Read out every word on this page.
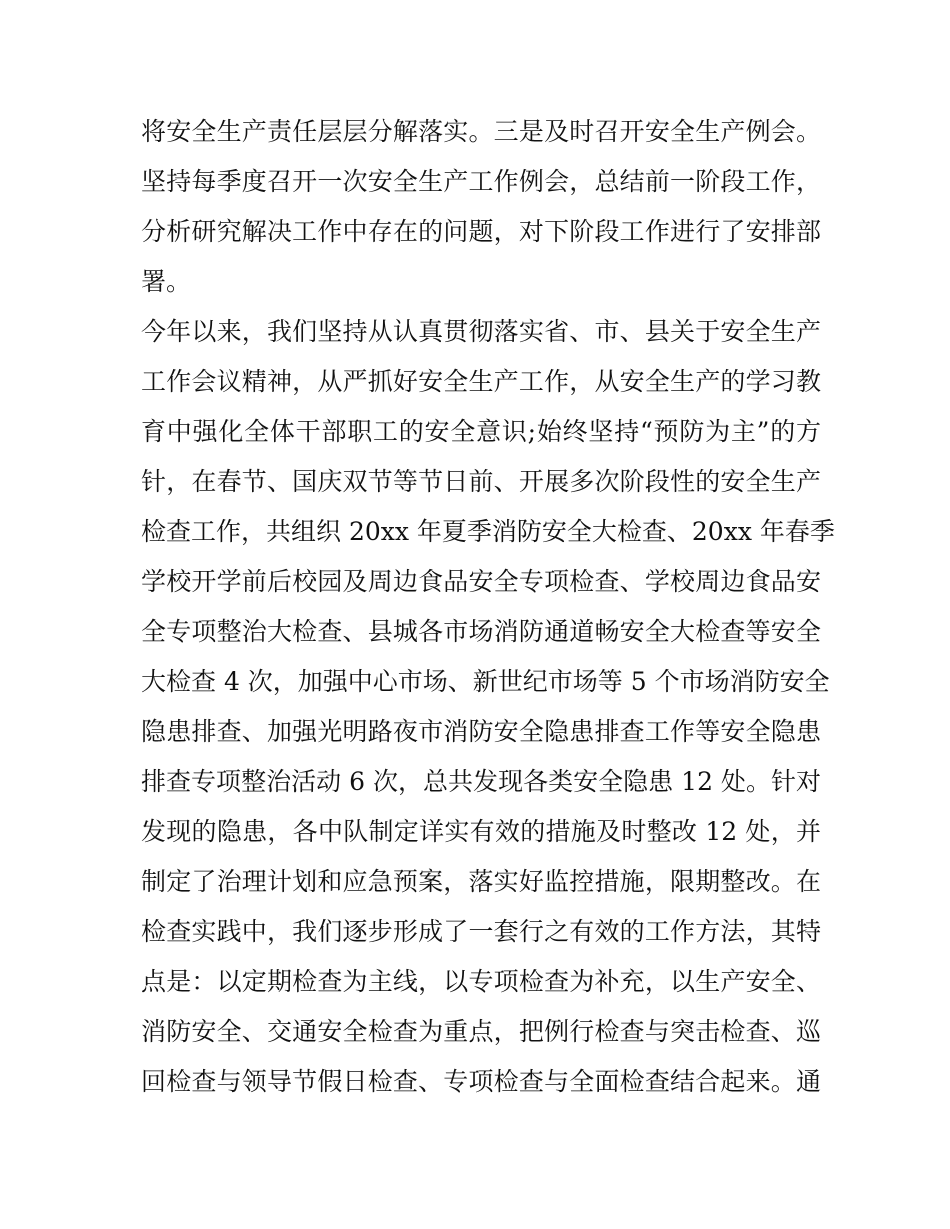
将安全生产责任层层分解落实。三是及时召开安全生产例会。
坚持每季度召开一次安全生产工作例会，总结前一阶段工作，
分析研究解决工作中存在的问题，对下阶段工作进行了安排部
署。
今年以来，我们坚持从认真贯彻落实省、市、县关于安全生产
工作会议精神，从严抓好安全生产工作，从安全生产的学习教
育中强化全体干部职工的安全意识;始终坚持“预防为主”的方
针，在春节、国庆双节等节日前、开展多次阶段性的安全生产
检查工作，共组织 20xx 年夏季消防安全大检查、20xx 年春季
学校开学前后校园及周边食品安全专项检查、学校周边食品安
全专项整治大检查、县城各市场消防通道畅安全大检查等安全
大检查 4 次，加强中心市场、新世纪市场等 5 个市场消防安全
隐患排查、加强光明路夜市消防安全隐患排查工作等安全隐患
排查专项整治活动 6 次，总共发现各类安全隐患 12 处。针对
发现的隐患，各中队制定详实有效的措施及时整改 12 处，并
制定了治理计划和应急预案，落实好监控措施，限期整改。在
检查实践中，我们逐步形成了一套行之有效的工作方法，其特
点是：以定期检查为主线，以专项检查为补充，以生产安全、
消防安全、交通安全检查为重点，把例行检查与突击检查、巡
回检查与领导节假日检查、专项检查与全面检查结合起来。通
